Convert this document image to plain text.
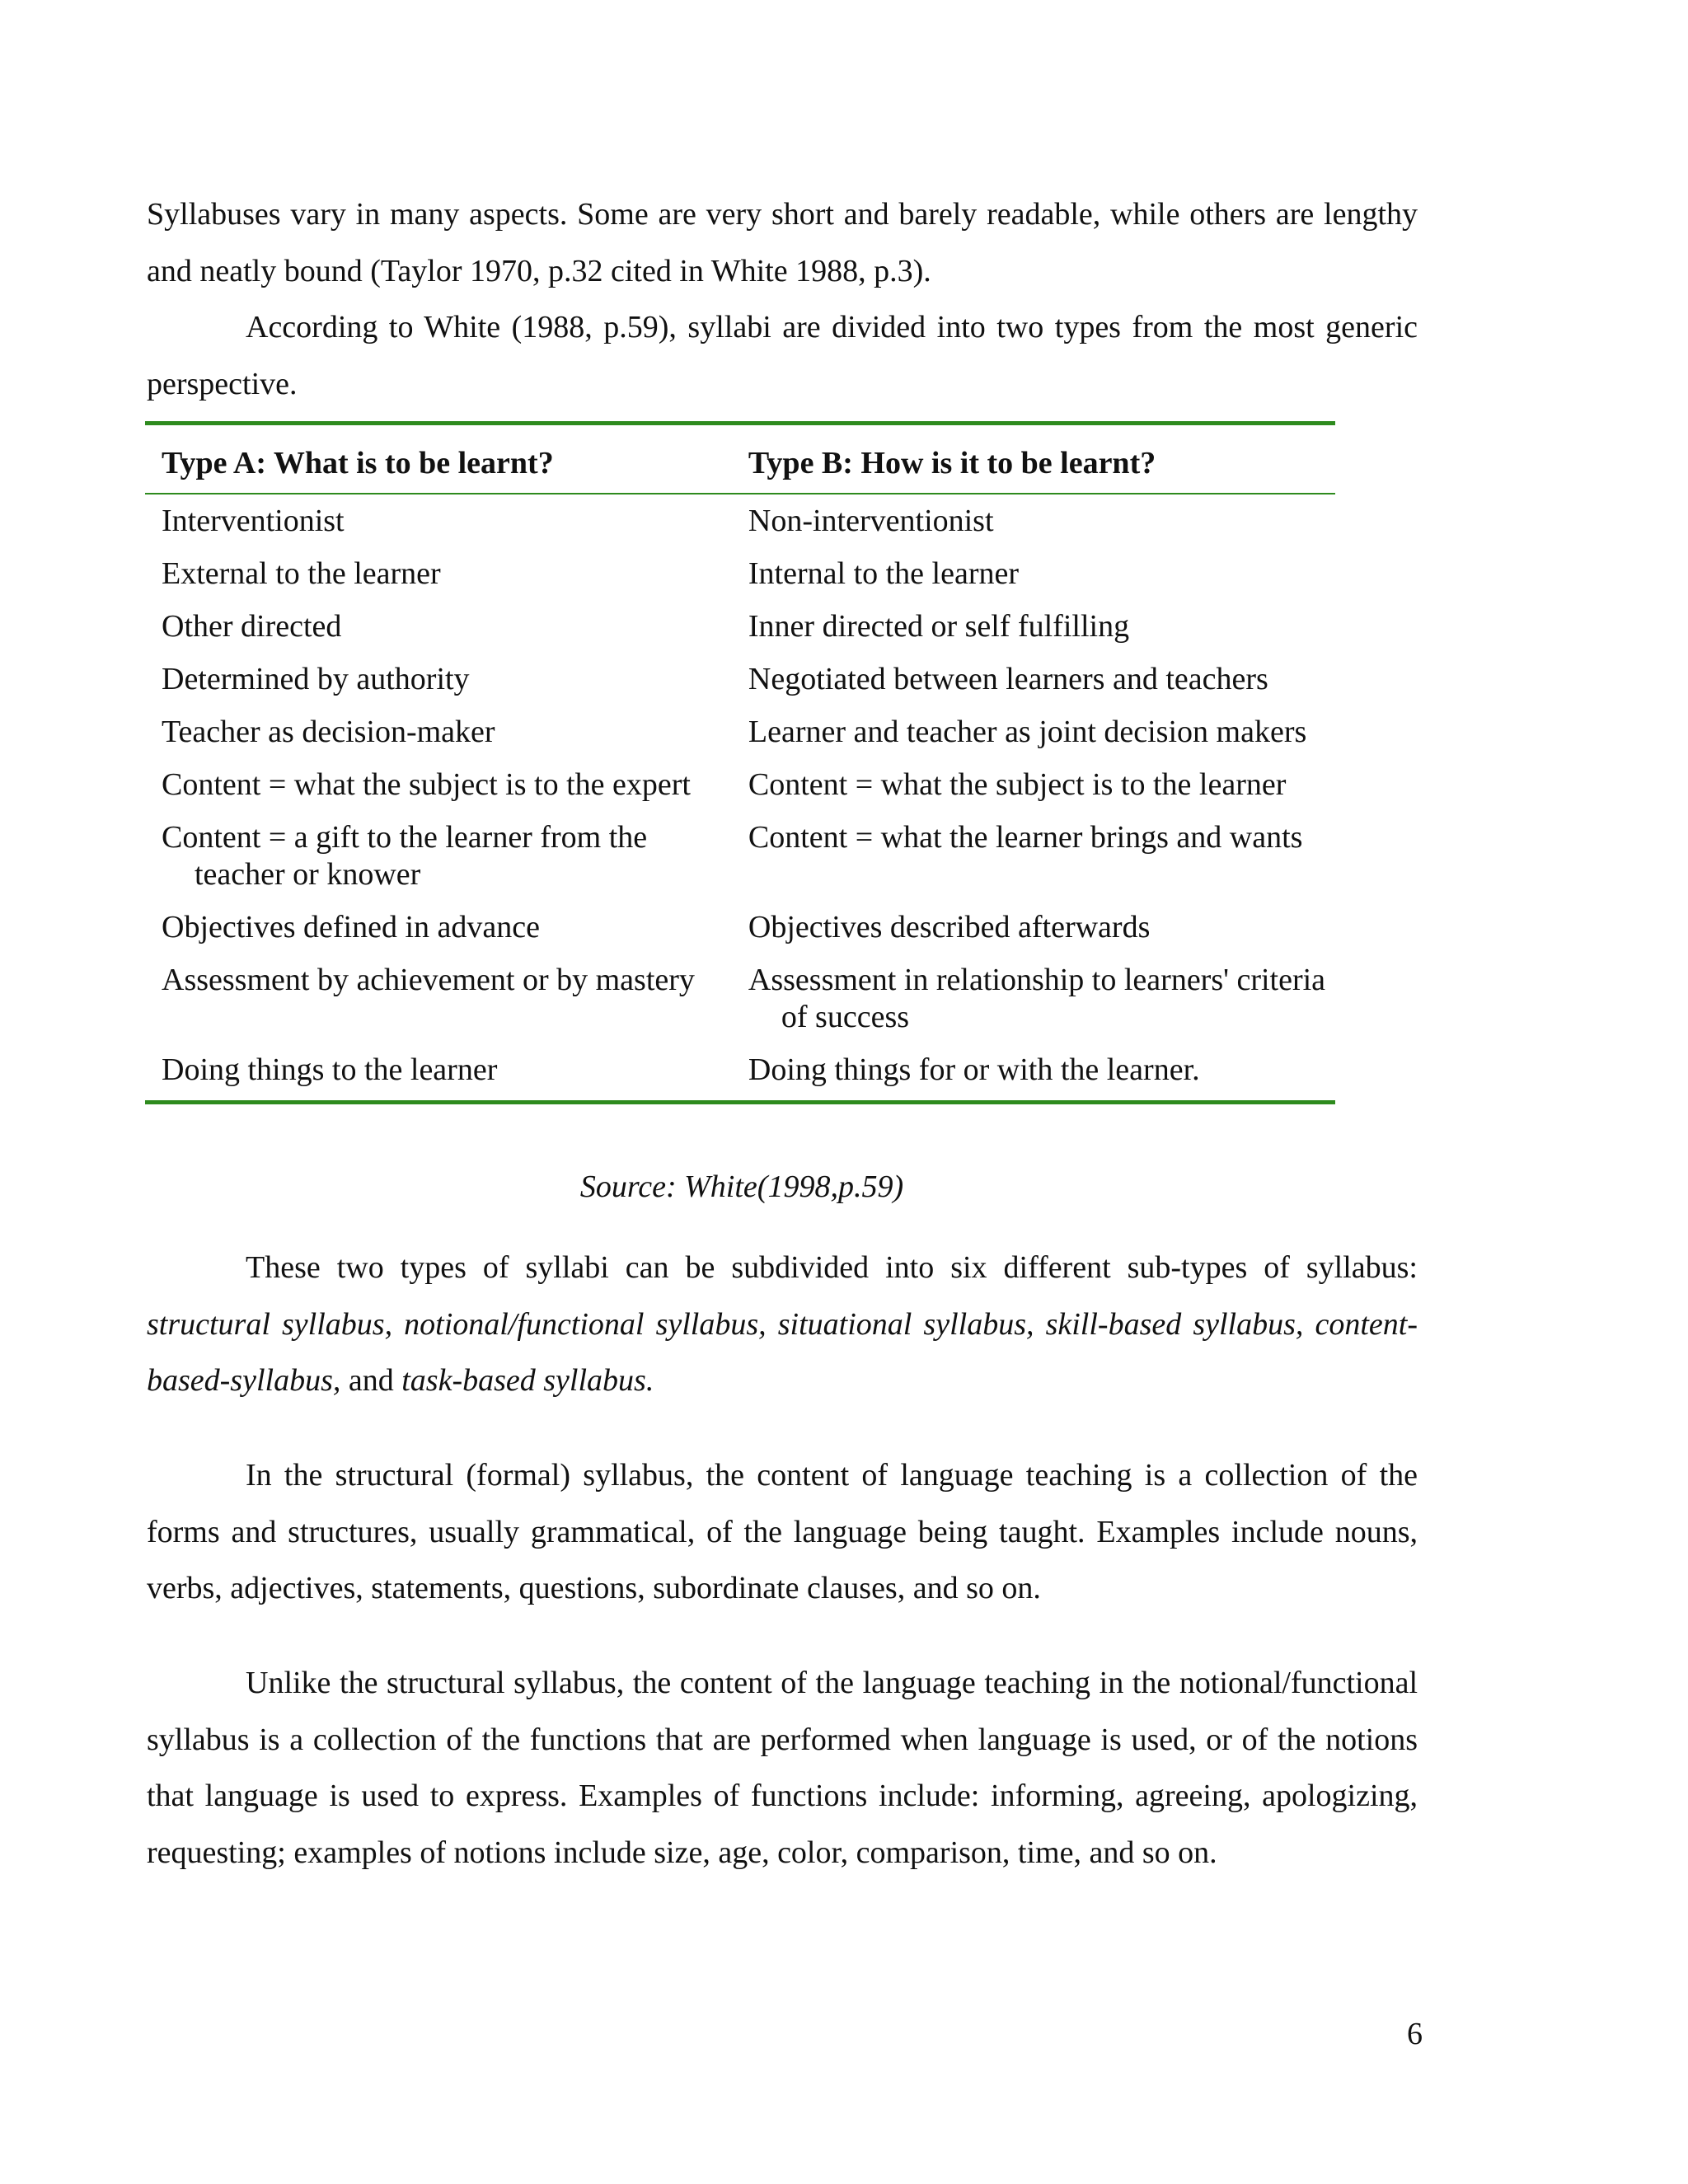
Syllabuses vary in many aspects. Some are very short and barely readable, while others are lengthy and neatly bound (Taylor 1970, p.32 cited in White 1988, p.3).

According to White (1988, p.59), syllabi are divided into two types from the most generic perspective.

Type A: What is to be learnt?	Type B: How is it to be learnt?

Interventionist	Non-interventionist

External to the learner	Internal to the learner

Other directed	Inner directed or self fulfilling

Determined by authority	Negotiated between learners and teachers

Teacher as decision-maker	Learner and teacher as joint decision makers

Content = what the subject is to the expert	Content = what the subject is to the learner

Content = a gift to the learner from the teacher or knower	Content = what the learner brings and wants

Objectives defined in advance	Objectives described afterwards

Assessment by achievement or by mastery	Assessment in relationship to learners' criteria of success

Doing things to the learner	Doing things for or with the learner.
Source: White(1998,p.59)

These two types of syllabi can be subdivided into six different sub-types of syllabus: structural syllabus, notional/functional syllabus, situational syllabus, skill-based syllabus, content-based-syllabus, and task-based syllabus.

In the structural (formal) syllabus, the content of language teaching is a collection of the forms and structures, usually grammatical, of the language being taught. Examples include nouns, verbs, adjectives, statements, questions, subordinate clauses, and so on.

Unlike the structural syllabus, the content of the language teaching in the notional/functional syllabus is a collection of the functions that are performed when language is used, or of the notions that language is used to express. Examples of functions include: informing, agreeing, apologizing, requesting; examples of notions include size, age, color, comparison, time, and so on.

6
